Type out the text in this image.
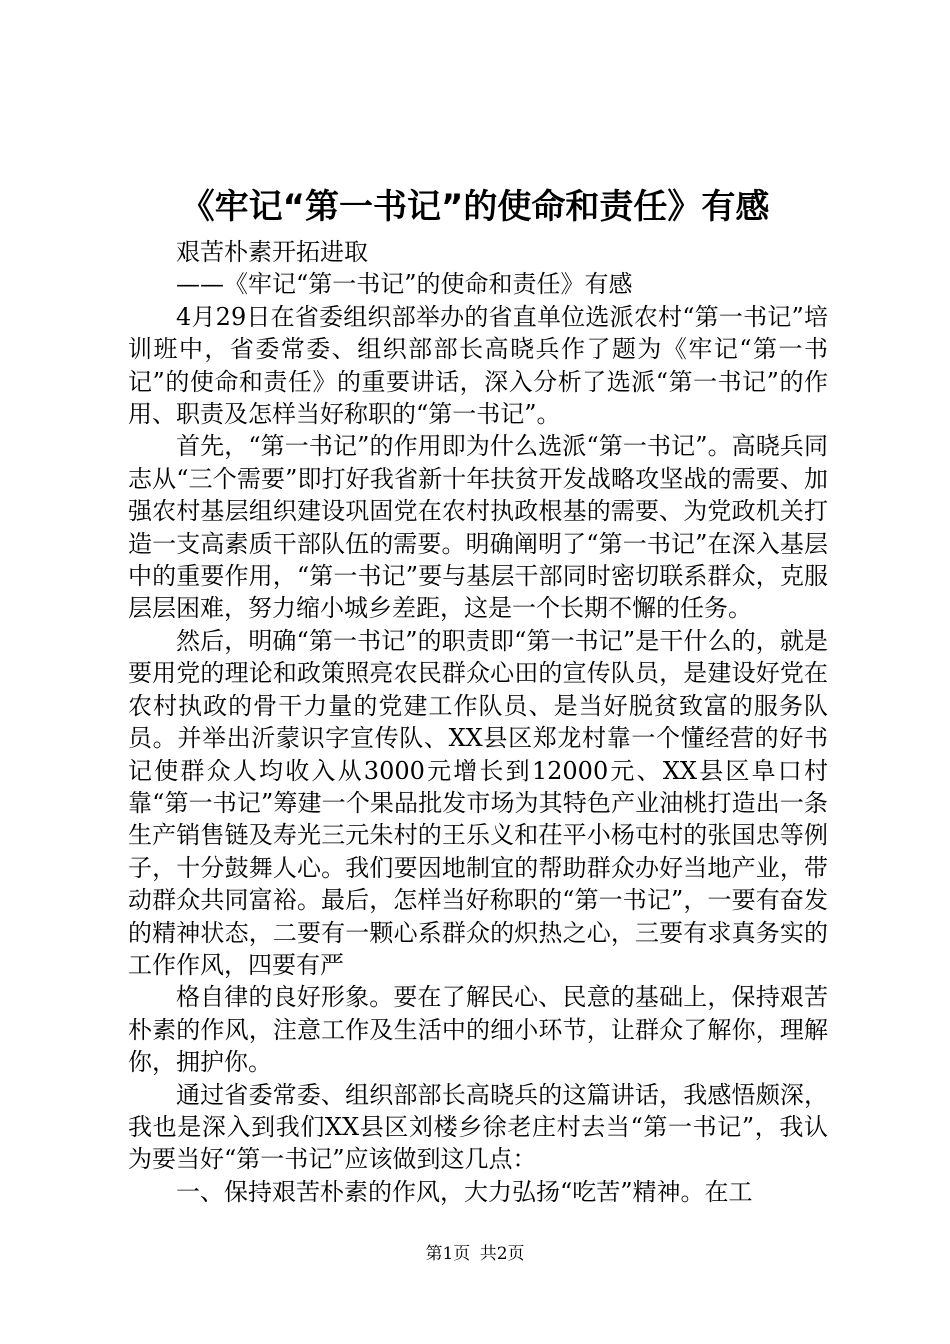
《牢记“第一书记”的使命和责任》有感

艰苦朴素开拓进取

——《牢记“第一书记”的使命和责任》有感

4月29日在省委组织部举办的省直单位选派农村“第一书记”培训班中，省委常委、组织部部长高晓兵作了题为《牢记“第一书记”的使命和责任》的重要讲话，深入分析了选派“第一书记”的作用、职责及怎样当好称职的“第一书记”。

首先，“第一书记”的作用即为什么选派“第一书记”。高晓兵同志从“三个需要”即打好我省新十年扶贫开发战略攻坚战的需要、加强农村基层组织建设巩固党在农村执政根基的需要、为党政机关打造一支高素质干部队伍的需要。明确阐明了“第一书记”在深入基层中的重要作用，“第一书记”要与基层干部同时密切联系群众，克服层层困难，努力缩小城乡差距，这是一个长期不懈的任务。

然后，明确“第一书记”的职责即“第一书记”是干什么的，就是要用党的理论和政策照亮农民群众心田的宣传队员，是建设好党在农村执政的骨干力量的党建工作队员、是当好脱贫致富的服务队员。并举出沂蒙识字宣传队、XX县区郑龙村靠一个懂经营的好书记使群众人均收入从3000元增长到12000元、XX县区阜口村靠“第一书记”筹建一个果品批发市场为其特色产业油桃打造出一条生产销售链及寿光三元朱村的王乐义和茌平小杨屯村的张国忠等例子，十分鼓舞人心。我们要因地制宜的帮助群众办好当地产业，带动群众共同富裕。最后，怎样当好称职的“第一书记”，一要有奋发的精神状态，二要有一颗心系群众的炽热之心，三要有求真务实的工作作风，四要有严

格自律的良好形象。要在了解民心、民意的基础上，保持艰苦朴素的作风，注意工作及生活中的细小环节，让群众了解你，理解你，拥护你。

通过省委常委、组织部部长高晓兵的这篇讲话，我感悟颇深，我也是深入到我们XX县区刘楼乡徐老庄村去当“第一书记”，我认为要当好“第一书记”应该做到这几点：

一、保持艰苦朴素的作风，大力弘扬“吃苦”精神。在工

第1页 共2页
